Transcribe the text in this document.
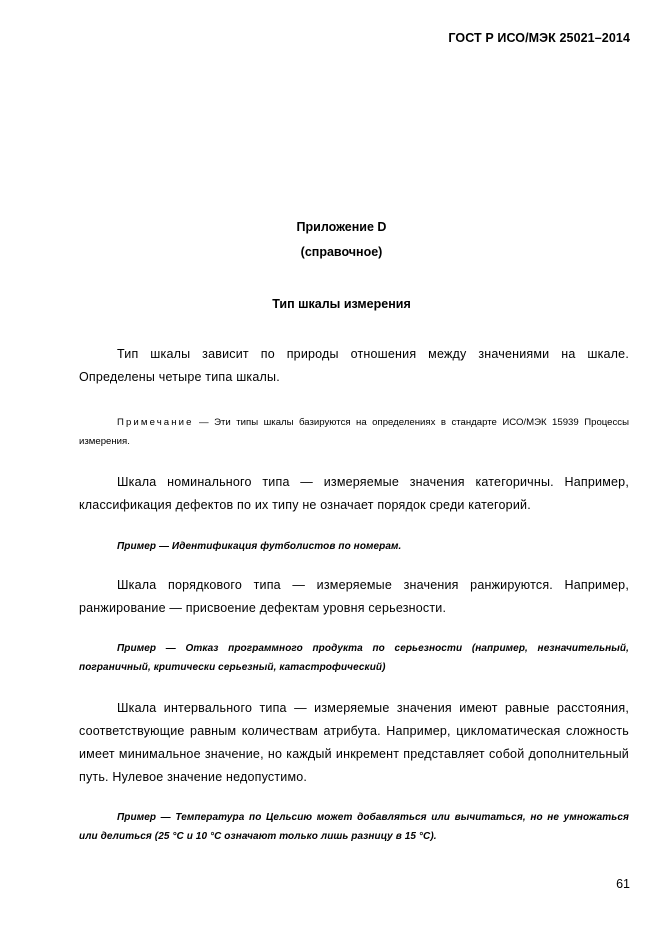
ГОСТ Р ИСО/МЭК 25021–2014
Приложение D
(справочное)
Тип шкалы измерения
Тип шкалы зависит по природы отношения между значениями на шкале. Определены четыре типа шкалы.
Примечание — Эти типы шкалы базируются на определениях в стандарте ИСО/МЭК 15939 Процессы измерения.
Шкала номинального типа — измеряемые значения категоричны. Например, классификация дефектов по их типу не означает порядок среди категорий.
Пример — Идентификация футболистов по номерам.
Шкала порядкового типа — измеряемые значения ранжируются. Например, ранжирование — присвоение дефектам уровня серьезности.
Пример — Отказ программного продукта по серьезности (например, незначительный, пограничный, критически серьезный, катастрофический)
Шкала интервального типа — измеряемые значения имеют равные расстояния, соответствующие равным количествам атрибута. Например, цикломатическая сложность имеет минимальное значение, но каждый инкремент представляет собой дополнительный путь. Нулевое значение недопустимо.
Пример — Температура по Цельсию может добавляться или вычитаться, но не умножаться или делиться (25 °С и 10 °С означают только лишь разницу в 15 °С).
61
